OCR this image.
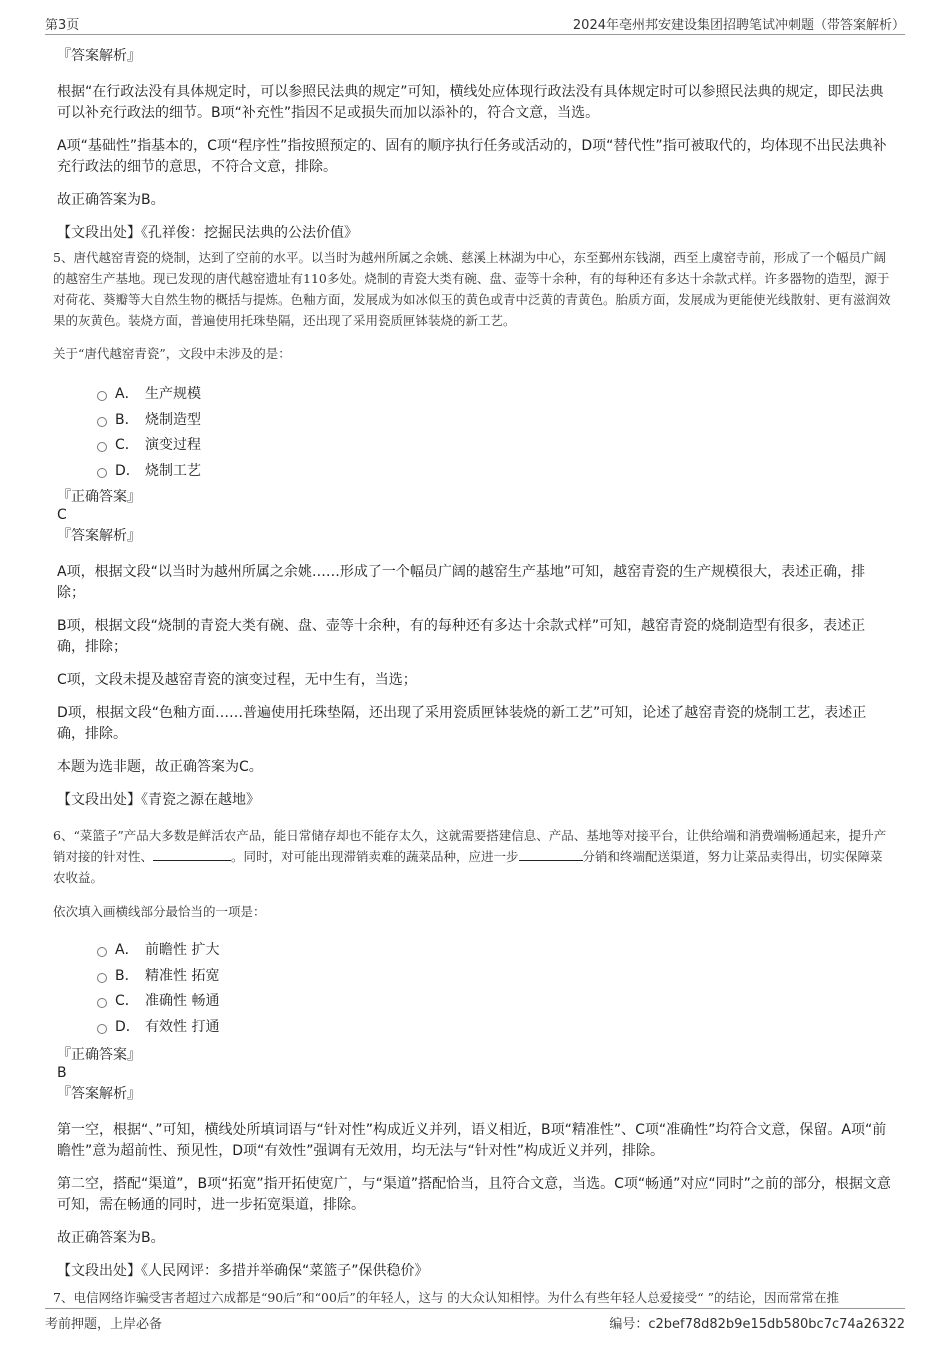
第3页	2024年亳州邦安建设集团招聘笔试冲刺题（带答案解析）

『答案解析』

根据“在行政法没有具体规定时，可以参照民法典的规定”可知，横线处应体现行政法没有具体规定时可以参照民法典的规定，即民法典可以补充行政法的细节。B项“补充性”指因不足或损失而加以添补的，符合文意，当选。

A项“基础性”指基本的，C项“程序性”指按照预定的、固有的顺序执行任务或活动的，D项“替代性”指可被取代的，均体现不出民法典补充行政法的细节的意思，不符合文意，排除。

故正确答案为B。

【文段出处】《孔祥俊：挖掘民法典的公法价值》

5、唐代越窑青瓷的烧制，达到了空前的水平。以当时为越州所属之余姚、慈溪上林湖为中心，东至鄞州东钱湖，西至上虞窑寺前，形成了一个幅员广阔的越窑生产基地。现已发现的唐代越窑遗址有110多处。烧制的青瓷大类有碗、盘、壶等十余种，有的每种还有多达十余款式样。许多器物的造型，源于对荷花、葵瓣等大自然生物的概括与提炼。色釉方面，发展成为如冰似玉的黄色或青中泛黄的青黄色。胎质方面，发展成为更能使光线散射、更有滋润效果的灰黄色。装烧方面，普遍使用托珠垫隔，还出现了采用瓷质匣钵装烧的新工艺。

关于“唐代越窑青瓷”，文段中未涉及的是：

A． 生产规模
B． 烧制造型
C． 演变过程
D． 烧制工艺

『正确答案』

C

『答案解析』

A项，根据文段“以当时为越州所属之余姚……形成了一个幅员广阔的越窑生产基地”可知，越窑青瓷的生产规模很大，表述正确，排除；

B项，根据文段“烧制的青瓷大类有碗、盘、壶等十余种，有的每种还有多达十余款式样”可知，越窑青瓷的烧制造型有很多，表述正确，排除；

C项，文段未提及越窑青瓷的演变过程，无中生有，当选；

D项，根据文段“色釉方面……普遍使用托珠垫隔，还出现了采用瓷质匣钵装烧的新工艺”可知，论述了越窑青瓷的烧制工艺，表述正确，排除。

本题为选非题，故正确答案为C。

【文段出处】《青瓷之源在越地》

6、“菜篮子”产品大多数是鲜活农产品，能日常储存却也不能存太久，这就需要搭建信息、产品、基地等对接平台，让供给端和消费端畅通起来，提升产销对接的针对性、	。同时，对可能出现滞销卖难的蔬菜品种，应进一步	分销和终端配送渠道，努力让菜品卖得出，切实保障菜农收益。

依次填入画横线部分最恰当的一项是：

A． 前瞻性 扩大
B． 精准性 拓宽
C． 准确性 畅通
D． 有效性 打通

『正确答案』

B

『答案解析』

第一空，根据“、”可知，横线处所填词语与“针对性”构成近义并列，语义相近，B项“精准性”、C项“准确性”均符合文意，保留。A项“前瞻性”意为超前性、预见性，D项“有效性”强调有无效用，均无法与“针对性”构成近义并列，排除。

第二空，搭配“渠道”，B项“拓宽”指开拓使宽广，与“渠道”搭配恰当，且符合文意，当选。C项“畅通”对应“同时”之前的部分，根据文意可知，需在畅通的同时，进一步拓宽渠道，排除。

故正确答案为B。

【文段出处】《人民网评：多措并举确保“菜篮子”保供稳价》

7、电信网络诈骗受害者超过六成都是“90后”和“00后”的年轻人，这与 的大众认知相悖。为什么有些年轻人总爱接受“ ”的结论，因而常常在推

考前押题，上岸必备	编号：c2bef78d82b9e15db580bc7c74a26322
